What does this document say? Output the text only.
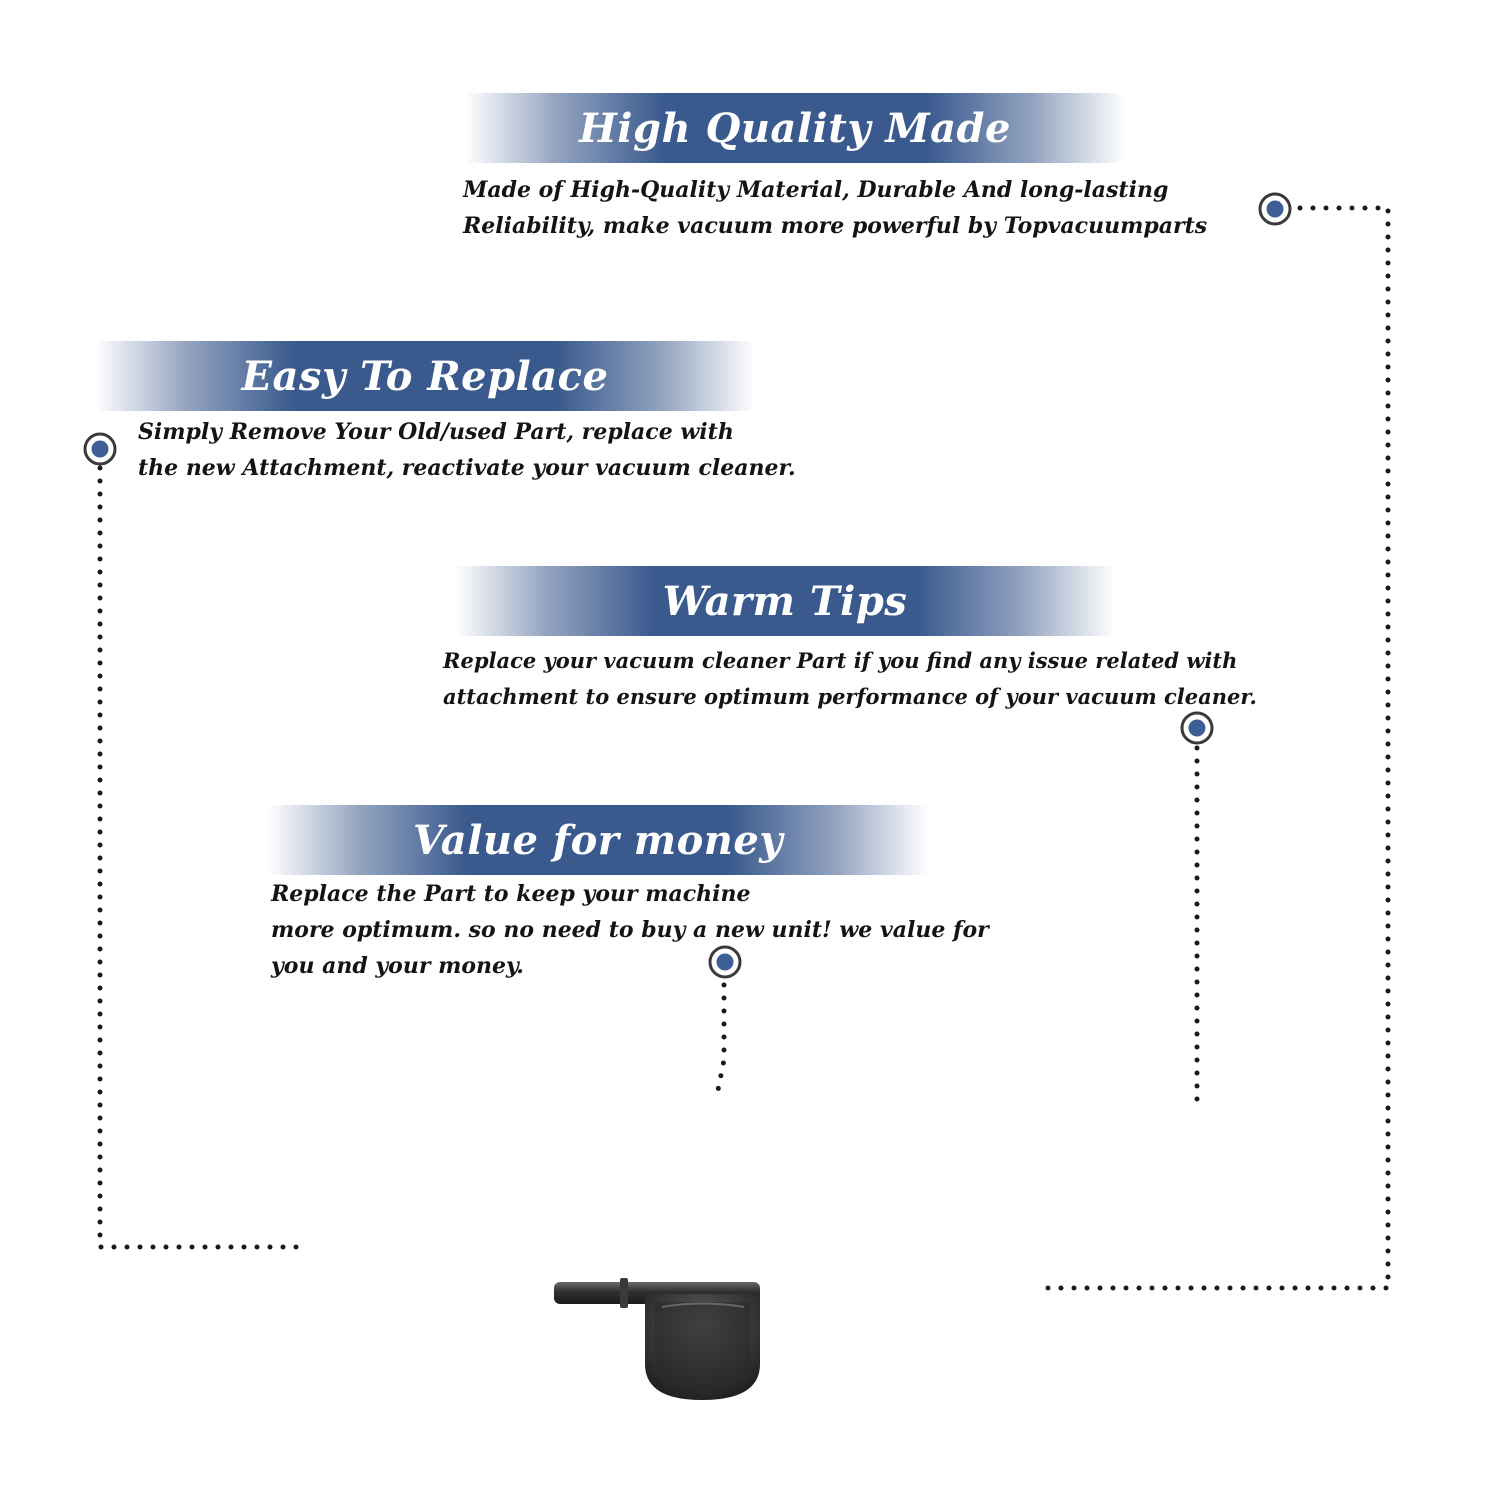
High Quality Made

Made of High-Quality Material, Durable And long-lasting
Reliability, make vacuum more powerful by Topvacuumparts

Easy To Replace

Simply Remove Your Old/used Part, replace with
the new Attachment, reactivate your vacuum cleaner.

Warm Tips

Replace your vacuum cleaner Part if you find any issue related with
attachment to ensure optimum performance of your vacuum cleaner.

Value for money

Replace the Part to keep your machine
more optimum. so no need to buy a new unit! we value for
you and your money.
